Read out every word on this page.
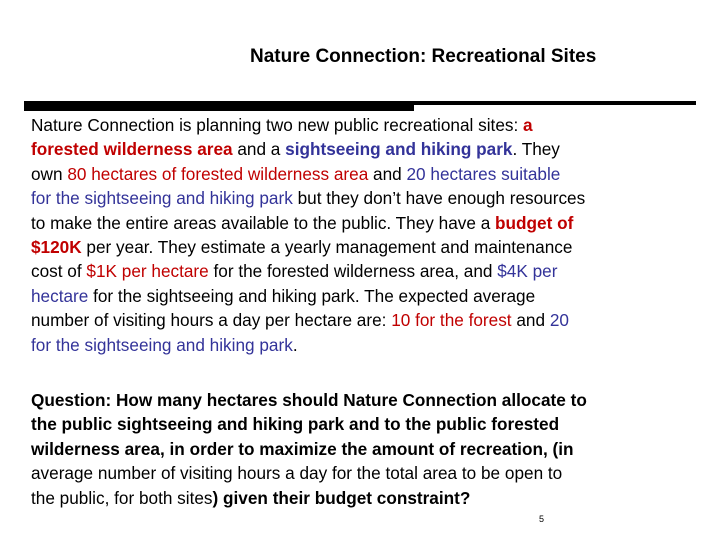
Nature Connection: Recreational Sites
Nature Connection is planning two new public recreational sites: a
forested wilderness area and a sightseeing and hiking park. They
own 80 hectares of forested wilderness area and 20 hectares suitable
for the sightseeing and hiking park but they don’t have enough resources
to make the entire areas available to the public. They have a budget of
$120K per year. They estimate a yearly management and maintenance
cost of $1K per hectare for the forested wilderness area, and $4K per
hectare for the sightseeing and hiking park. The expected average
number of visiting hours a day per hectare are: 10 for the forest and 20
for the sightseeing and hiking park.
Question: How many hectares should Nature Connection allocate to
the public sightseeing and hiking park and to the public forested
wilderness area, in order to maximize the amount of recreation, (in
average number of visiting hours a day for the total area to be open to
the public, for both sites) given their budget constraint?
5
